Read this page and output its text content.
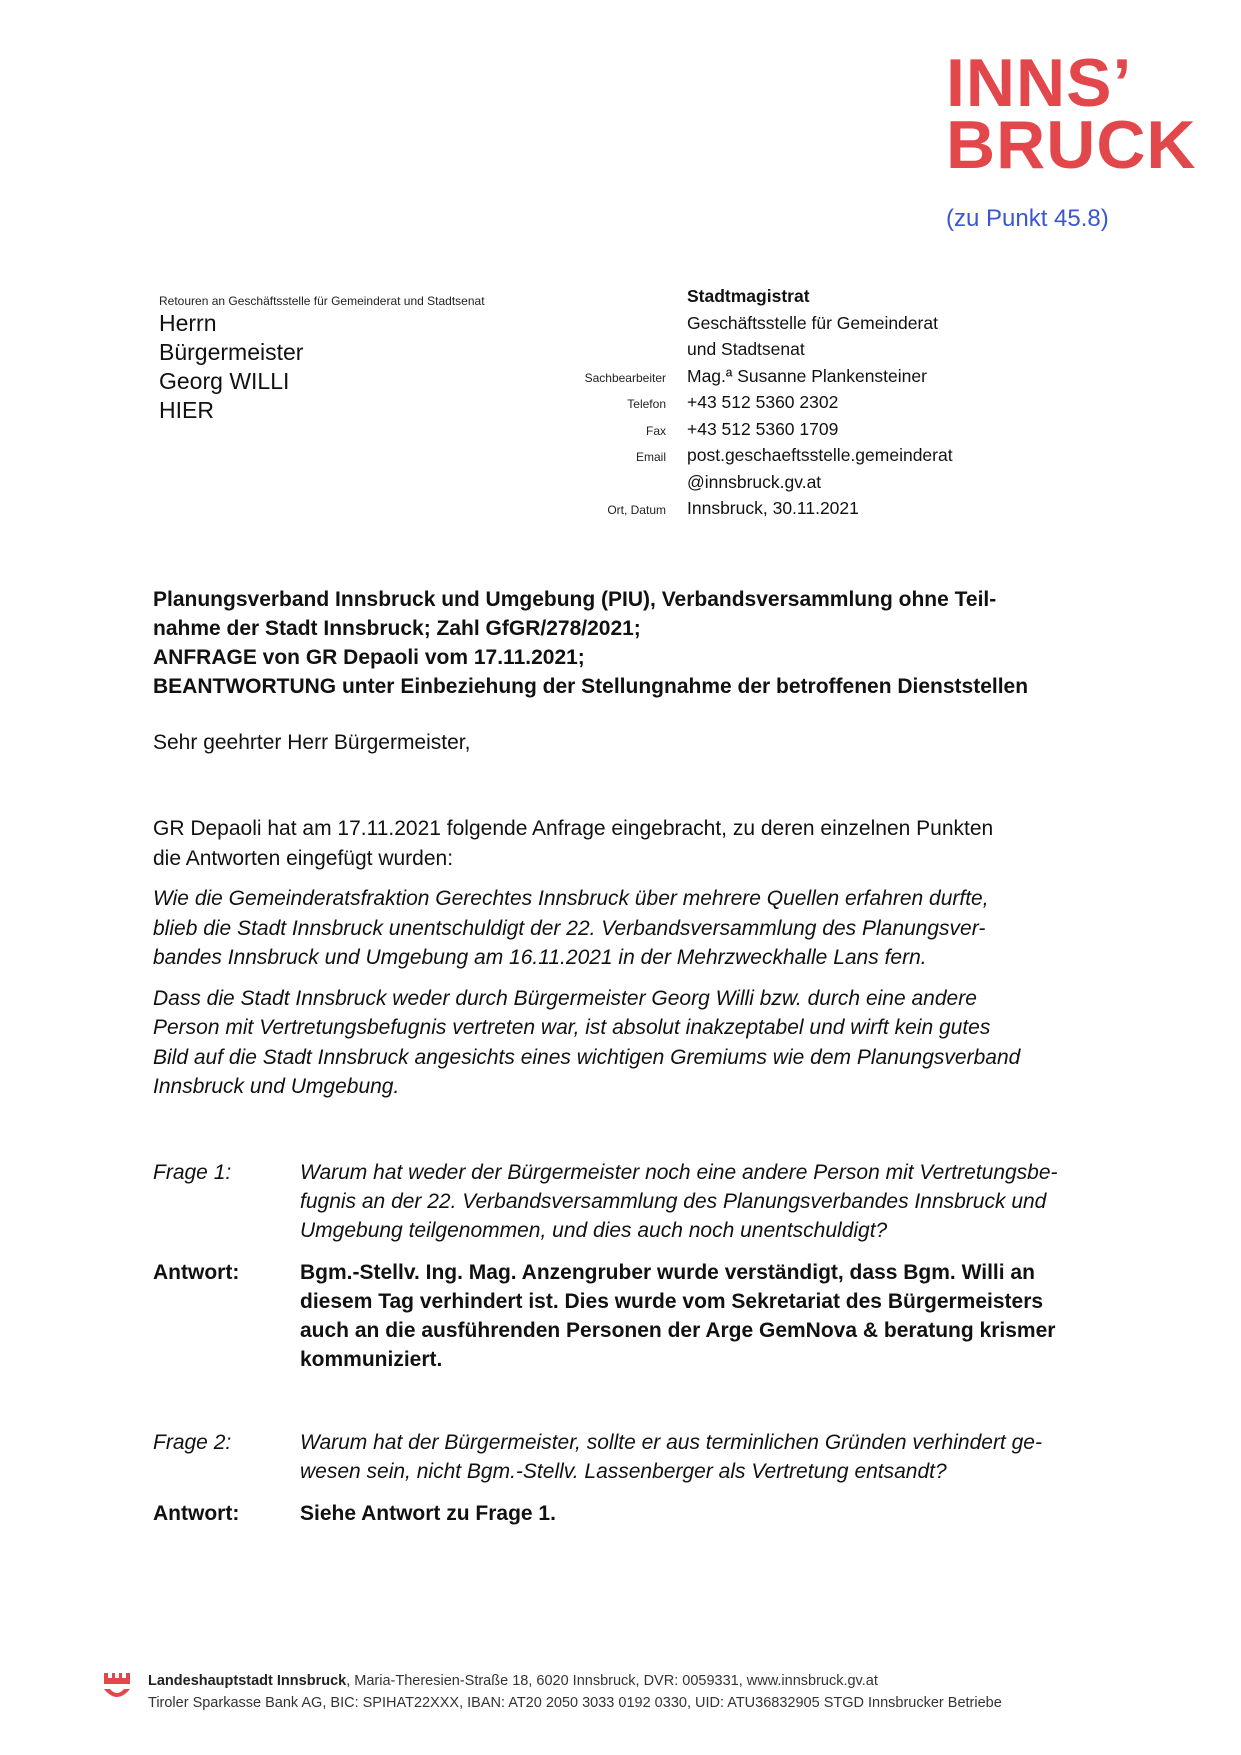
INNS’
BRUCK
(zu Punkt 45.8)
Retouren an Geschäftsstelle für Gemeinderat und Stadtsenat
Herrn
Bürgermeister
Georg WILLI
HIER
Stadtmagistrat
Geschäftsstelle für Gemeinderat
und Stadtsenat
Sachbearbeiter	Mag.ª Susanne Plankensteiner
Telefon	+43 512 5360 2302
Fax	+43 512 5360 1709
Email	post.geschaeftsstelle.gemeinderat
@innsbruck.gv.at
Ort, Datum	Innsbruck, 30.11.2021

Planungsverband Innsbruck und Umgebung (PIU), Verbandsversammlung ohne Teil-

nahme der Stadt Innsbruck; Zahl GfGR/278/2021;

ANFRAGE von GR Depaoli vom 17.11.2021;

BEANTWORTUNG unter Einbeziehung der Stellungnahme der betroffenen Dienststellen

Sehr geehrter Herr Bürgermeister,

GR Depaoli hat am 17.11.2021 folgende Anfrage eingebracht, zu deren einzelnen Punkten

die Antworten eingefügt wurden:

Wie die Gemeinderatsfraktion Gerechtes Innsbruck über mehrere Quellen erfahren durfte,
blieb die Stadt Innsbruck unentschuldigt der 22. Verbandsversammlung des Planungsver-
bandes Innsbruck und Umgebung am 16.11.2021 in der Mehrzweckhalle Lans fern.

Dass die Stadt Innsbruck weder durch Bürgermeister Georg Willi bzw. durch eine andere
Person mit Vertretungsbefugnis vertreten war, ist absolut inakzeptabel und wirft kein gutes
Bild auf die Stadt Innsbruck angesichts eines wichtigen Gremiums wie dem Planungsverband
Innsbruck und Umgebung.

Frage 1:	Warum hat weder der Bürgermeister noch eine andere Person mit Vertretungsbe-
fugnis an der 22. Verbandsversammlung des Planungsverbandes Innsbruck und
Umgebung teilgenommen, und dies auch noch unentschuldigt?
Antwort:	Bgm.-Stellv. Ing. Mag. Anzengruber wurde verständigt, dass Bgm. Willi an
diesem Tag verhindert ist. Dies wurde vom Sekretariat des Bürgermeisters
auch an die ausführenden Personen der Arge GemNova & beratung krismer
kommuniziert.
Frage 2:	Warum hat der Bürgermeister, sollte er aus terminlichen Gründen verhindert ge-
wesen sein, nicht Bgm.-Stellv. Lassenberger als Vertretung entsandt?
Antwort:	Siehe Antwort zu Frage 1.
Landeshauptstadt Innsbruck, Maria-Theresien-Straße 18, 6020 Innsbruck, DVR: 0059331, www.innsbruck.gv.at
Tiroler Sparkasse Bank AG, BIC: SPIHAT22XXX, IBAN: AT20 2050 3033 0192 0330, UID: ATU36832905 STGD Innsbrucker Betriebe
